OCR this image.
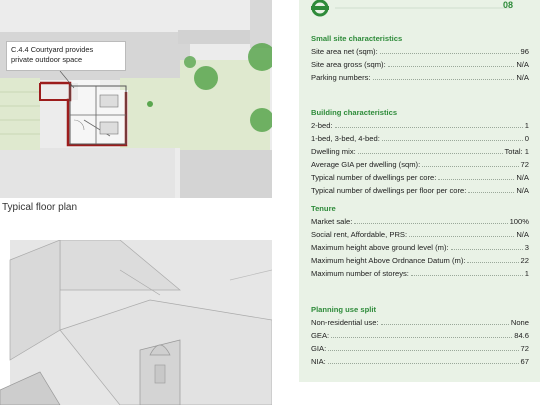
C.4.4 Courtyard provides
private outdoor space
Typical floor plan
08
Small site characteristics
Site area net (sqm):	96
Site area gross (sqm):	N/A
Parking numbers:	N/A
Building characteristics
2-bed:	1
1-bed, 3-bed, 4-bed:	0
Dwelling mix:	Total: 1
Average GIA per dwelling (sqm):	72
Typical number of dwellings per core:	N/A
Typical number of dwellings per floor per core:	N/A
Tenure
Market sale:	100%
Social rent, Affordable, PRS:	N/A
Maximum height above ground level (m):	3
Maximum height Above Ordnance Datum (m):	22
Maximum number of storeys:	1
Planning use split
Non-residential use:	None
GEA:	84.6
GIA:	72
NIA:	67
